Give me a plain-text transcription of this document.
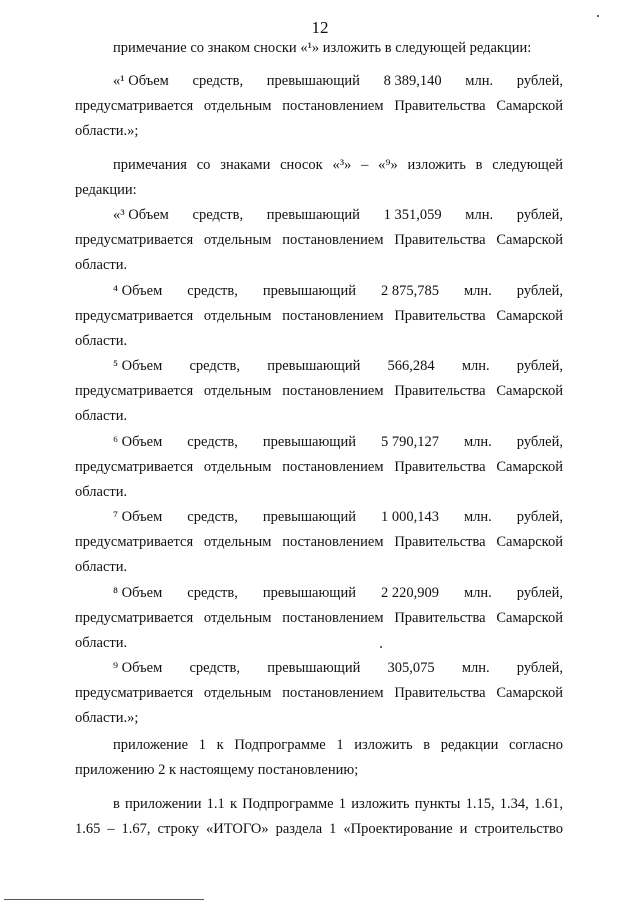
12
примечание со знаком сноски «¹» изложить в следующей редакции:
«¹ Объем средств, превышающий 8 389,140 млн. рублей,
предусматривается отдельным постановлением Правительства Самарской
области.»;
примечания со знаками сносок «³» – «⁹» изложить в следующей
редакции:
«³ Объем средств, превышающий 1 351,059 млн. рублей,
предусматривается отдельным постановлением Правительства Самарской
области.
⁴ Объем средств, превышающий 2 875,785 млн. рублей,
предусматривается отдельным постановлением Правительства Самарской
области.
⁵ Объем средств, превышающий 566,284 млн. рублей,
предусматривается отдельным постановлением Правительства Самарской
области.
⁶ Объем средств, превышающий 5 790,127 млн. рублей,
предусматривается отдельным постановлением Правительства Самарской
области.
⁷ Объем средств, превышающий 1 000,143 млн. рублей,
предусматривается отдельным постановлением Правительства Самарской
области.
⁸ Объем средств, превышающий 2 220,909 млн. рублей,
предусматривается отдельным постановлением Правительства Самарской
области.
⁹ Объем средств, превышающий 305,075 млн. рублей,
предусматривается отдельным постановлением Правительства Самарской
области.»;
приложение 1 к Подпрограмме 1 изложить в редакции согласно
приложению 2 к настоящему постановлению;
в приложении 1.1 к Подпрограмме 1 изложить пункты 1.15, 1.34, 1.61,
1.65 – 1.67, строку «ИТОГО» раздела 1 «Проектирование и строительство
